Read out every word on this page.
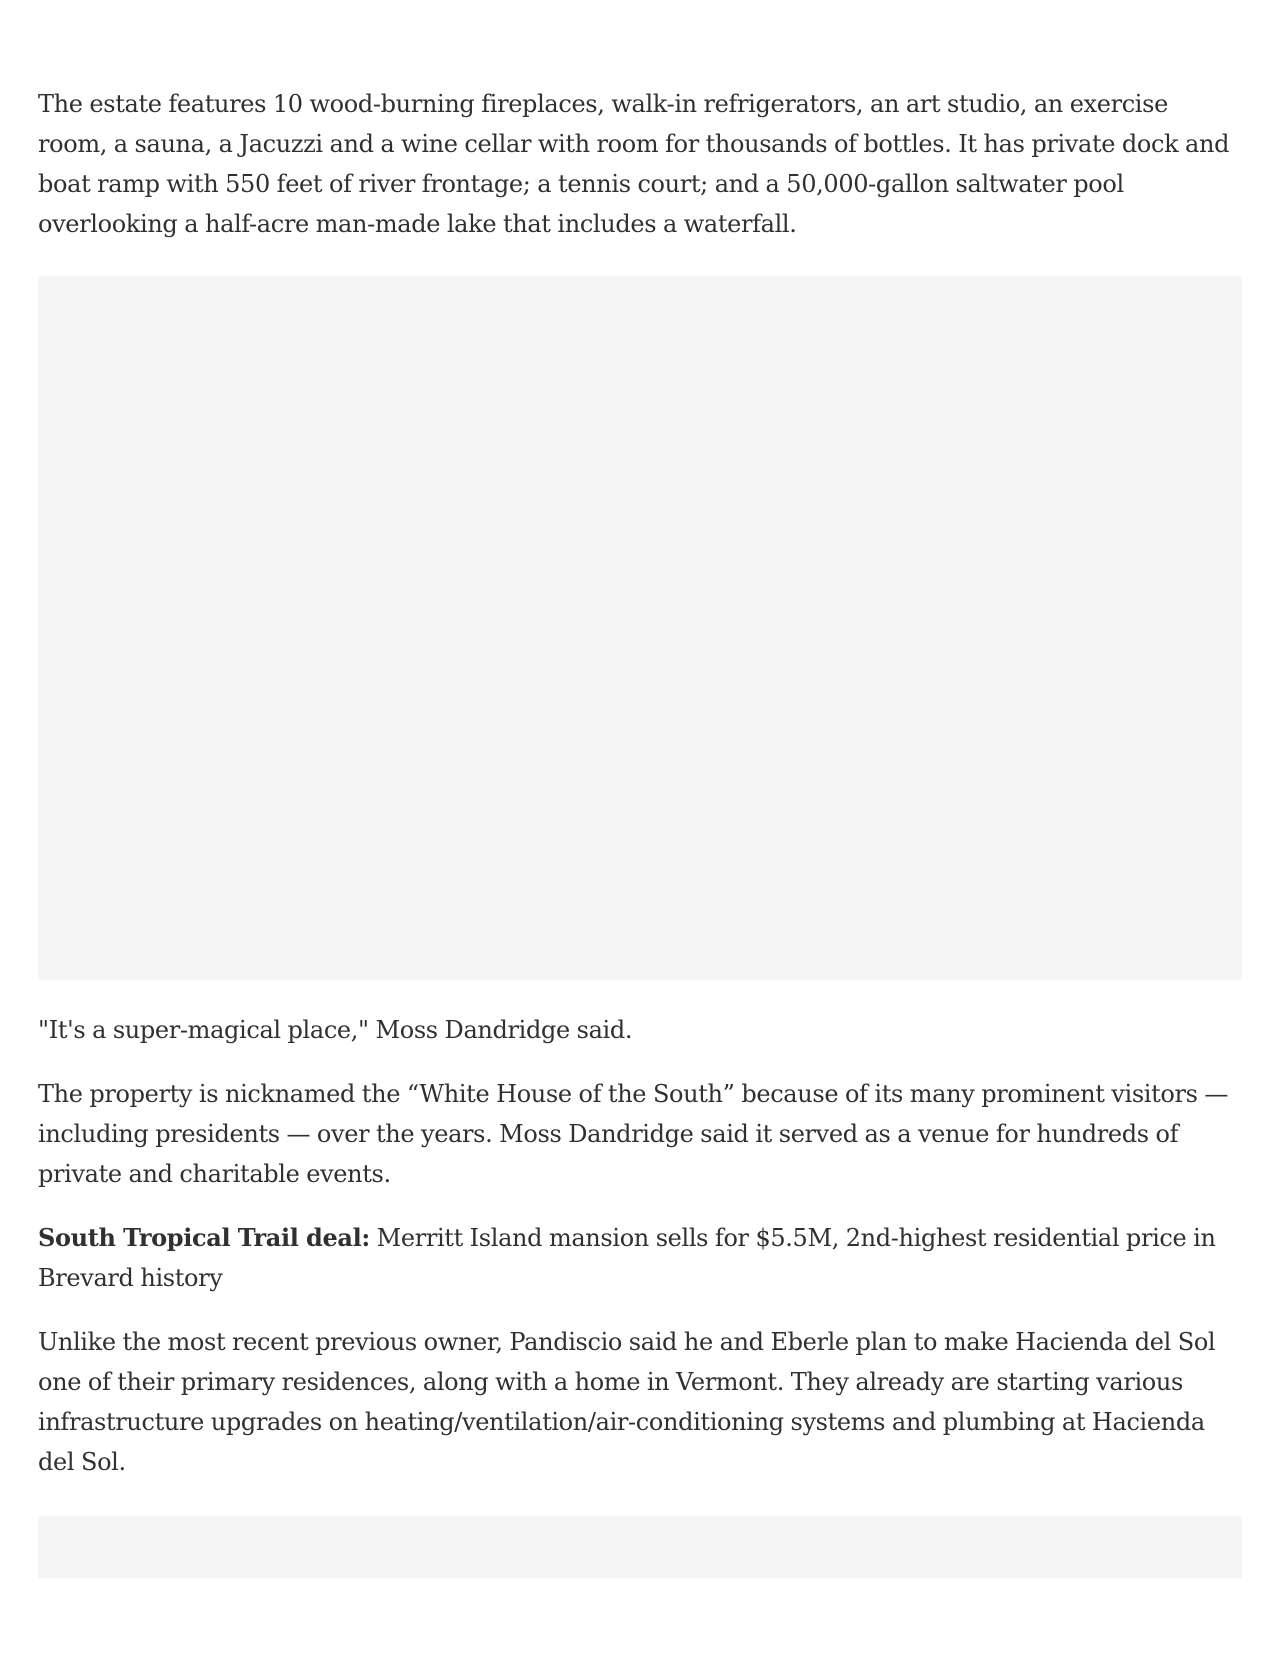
The estate features 10 wood-burning fireplaces, walk-in refrigerators, an art studio, an exercise room, a sauna, a Jacuzzi and a wine cellar with room for thousands of bottles. It has private dock and boat ramp with 550 feet of river frontage; a tennis court; and a 50,000-gallon saltwater pool overlooking a half-acre man-made lake that includes a waterfall.

"It's a super-magical place," Moss Dandridge said.

The property is nicknamed the “White House of the South” because of its many prominent visitors — including presidents — over the years. Moss Dandridge said it served as a venue for hundreds of private and charitable events.

South Tropical Trail deal: Merritt Island mansion sells for $5.5M, 2nd-highest residential price in Brevard history

Unlike the most recent previous owner, Pandiscio said he and Eberle plan to make Hacienda del Sol one of their primary residences, along with a home in Vermont. They already are starting various infrastructure upgrades on heating/ventilation/air-conditioning systems and plumbing at Hacienda del Sol.
